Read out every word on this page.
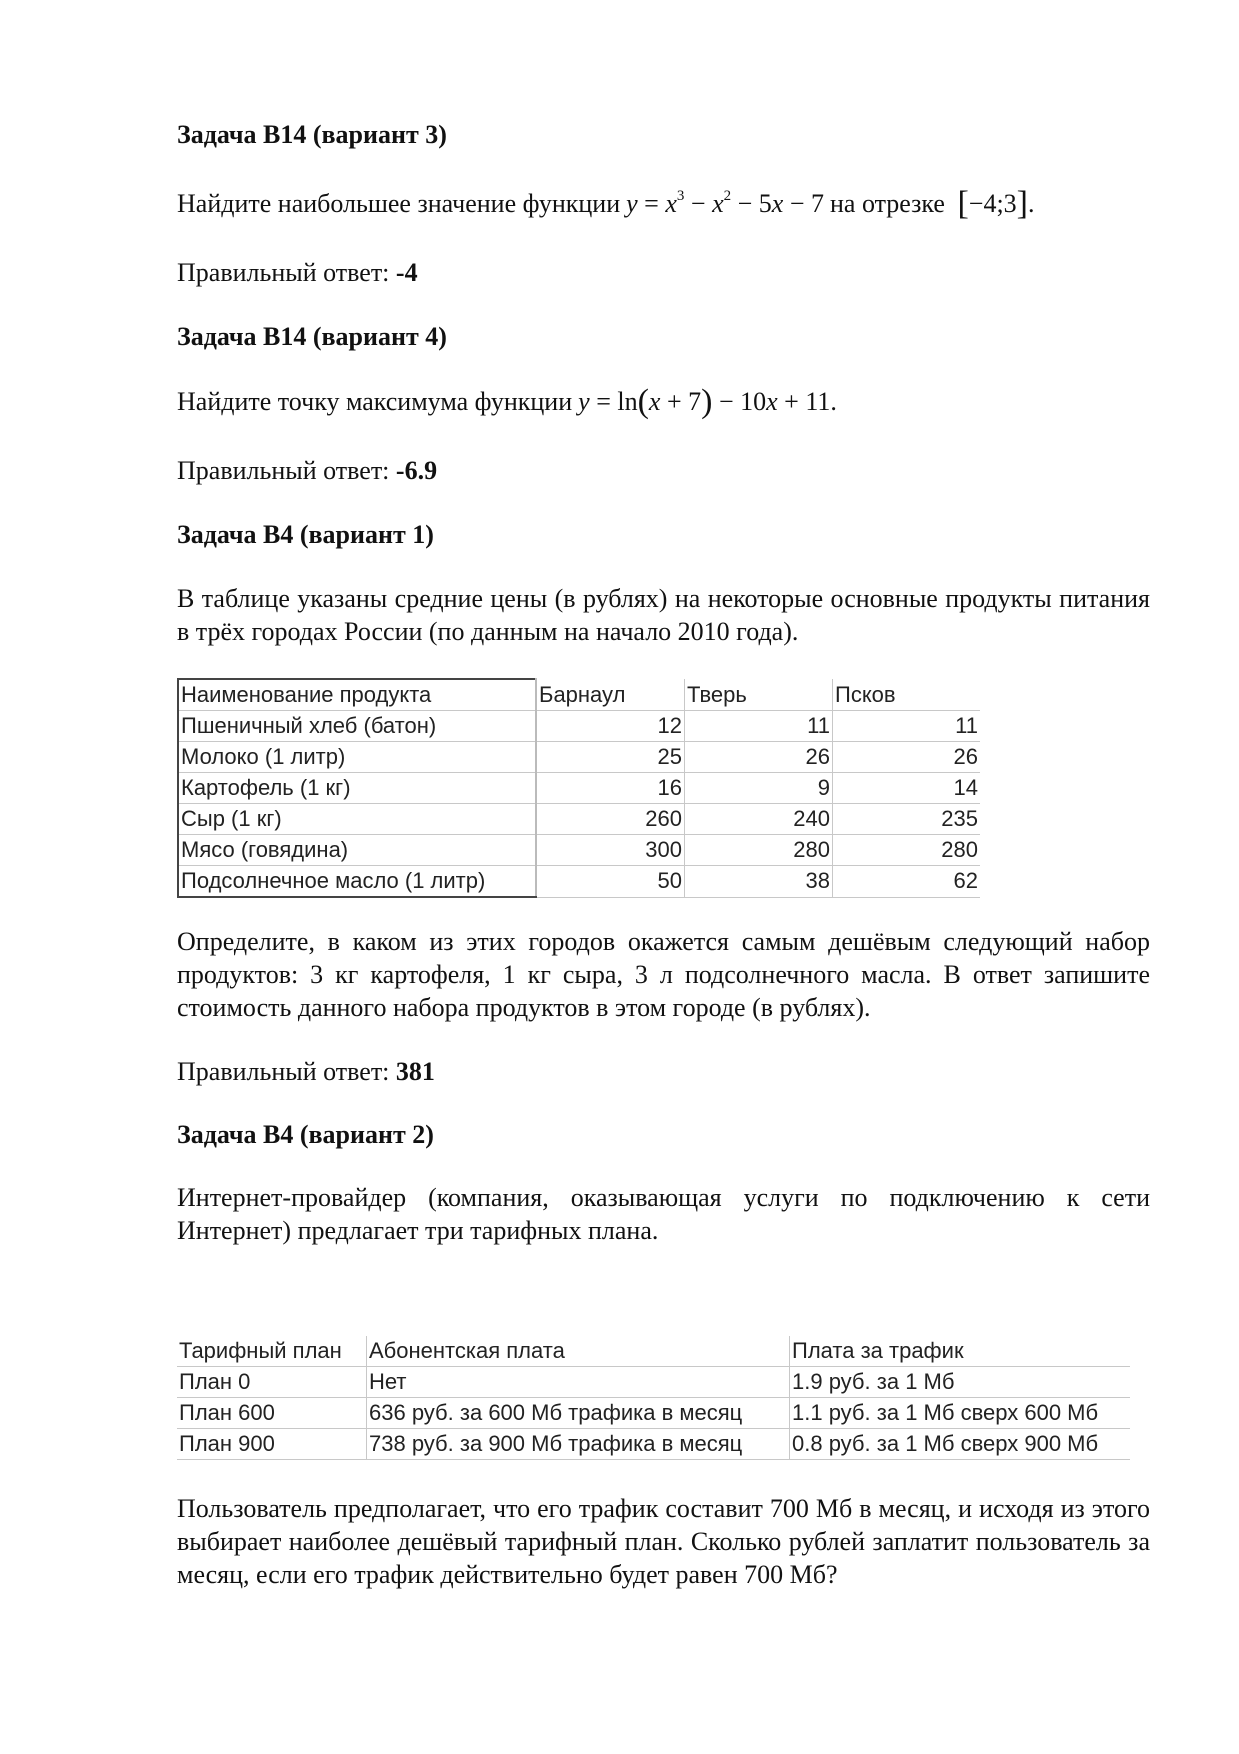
Задача B14 (вариант 3)

Найдите наибольшее значение функции $y = x^3 - x^2 - 5x - 7$ на отрезке [−4;3].

Правильный ответ: -4

Задача B14 (вариант 4)

Найдите точку максимума функции y = ln(x + 7) − 10x + 11.

Правильный ответ: -6.9

Задача B4 (вариант 1)

В таблице указаны средние цены (в рублях) на некоторые основные продукты питания в трёх городах России (по данным на начало 2010 года).

Наименование продукта	Барнаул	Тверь	Псков
Пшеничный хлеб (батон)	12	11	11
Молоко (1 литр)	25	26	26
Картофель (1 кг)	16	9	14
Сыр (1 кг)	260	240	235
Мясо (говядина)	300	280	280
Подсолнечное масло (1 литр)	50	38	62

Определите, в каком из этих городов окажется самым дешёвым следующий набор продуктов: 3 кг картофеля, 1 кг сыра, 3 л подсолнечного масла. В ответ запишите стоимость данного набора продуктов в этом городе (в рублях).

Правильный ответ: 381

Задача B4 (вариант 2)

Интернет-провайдер (компания, оказывающая услуги по подключению к сети Интернет) предлагает три тарифных плана.

Тарифный план	Абонентская плата	Плата за трафик
План 0	Нет	1.9 руб. за 1 Мб
План 600	636 руб. за 600 Мб трафика в месяц	1.1 руб. за 1 Мб сверх 600 Мб
План 900	738 руб. за 900 Мб трафика в месяц	0.8 руб. за 1 Мб сверх 900 Мб

Пользователь предполагает, что его трафик составит 700 Мб в месяц, и исходя из этого выбирает наиболее дешёвый тарифный план. Сколько рублей заплатит пользователь за месяц, если его трафик действительно будет равен 700 Мб?
